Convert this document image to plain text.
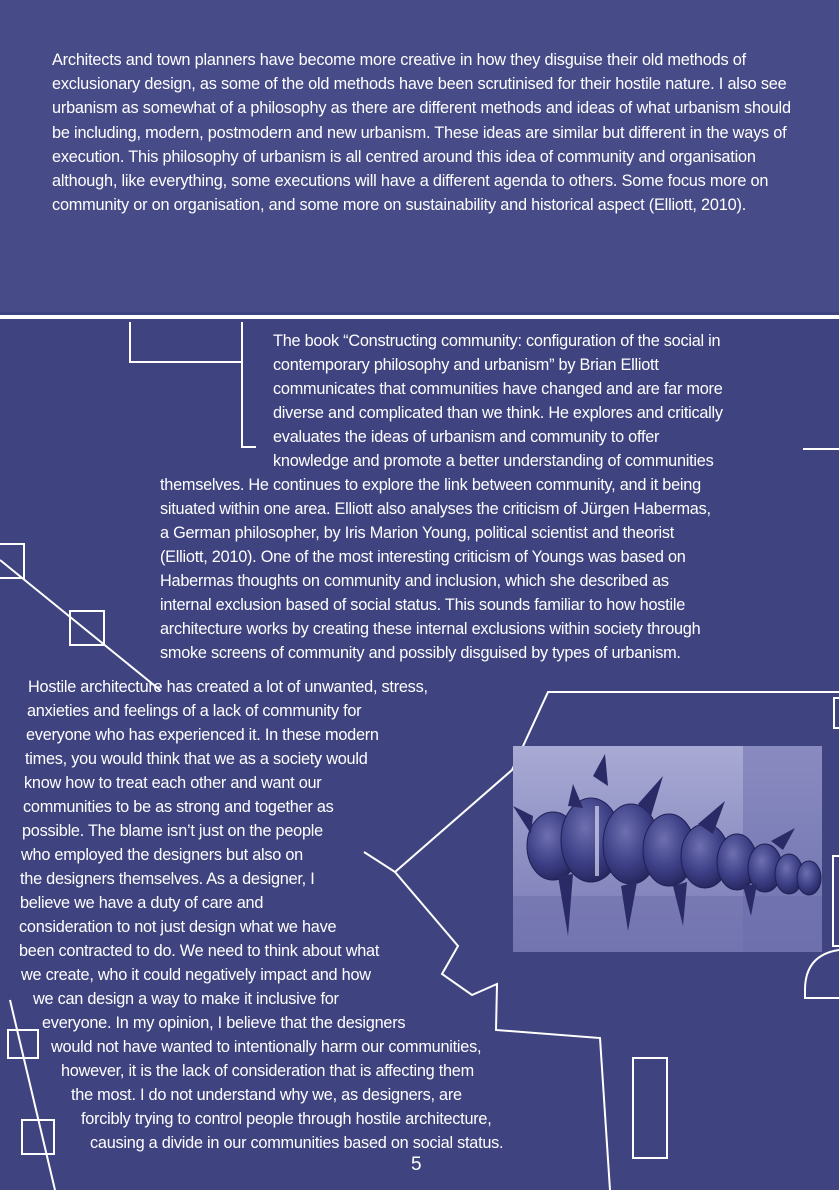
Architects and town planners have become more creative in how they disguise their old methods of exclusionary design, as some of the old methods have been scrutinised for their hostile nature. I also see urbanism as somewhat of a philosophy as there are different methods and ideas of what urbanism should be including, modern, postmodern and new urbanism. These ideas are similar but different in the ways of execution. This philosophy of urbanism is all centred around this idea of community and organisation although, like everything, some executions will have a different agenda to others. Some focus more on community or on organisation, and some more on sustainability and historical aspect (Elliott, 2010).

The book “Constructing community: configuration of the social in
contemporary philosophy and urbanism” by Brian Elliott
communicates that communities have changed and are far more
diverse and complicated than we think. He explores and critically
evaluates the ideas of urbanism and community to offer
knowledge and promote a better understanding of communities
themselves. He continues to explore the link between community, and it being
situated within one area. Elliott also analyses the criticism of Jürgen Habermas,
a German philosopher, by Iris Marion Young, political scientist and theorist
(Elliott, 2010). One of the most interesting criticism of Youngs was based on
Habermas thoughts on community and inclusion, which she described as
internal exclusion based of social status. This sounds familiar to how hostile
architecture works by creating these internal exclusions within society through
smoke screens of community and possibly disguised by types of urbanism.
Hostile architecture has created a lot of unwanted, stress,
anxieties and feelings of a lack of community for
everyone who has experienced it. In these modern
times, you would think that we as a society would
know how to treat each other and want our
communities to be as strong and together as
possible. The blame isn’t just on the people
who employed the designers but also on
the designers themselves. As a designer, I
believe we have a duty of care and
consideration to not just design what we have
been contracted to do. We need to think about what
we create, who it could negatively impact and how
we can design a way to make it inclusive for
everyone. In my opinion, I believe that the designers
would not have wanted to intentionally harm our communities,
however, it is the lack of consideration that is affecting them
the most. I do not understand why we, as designers, are
forcibly trying to control people through hostile architecture,
causing a divide in our communities based on social status.
5
